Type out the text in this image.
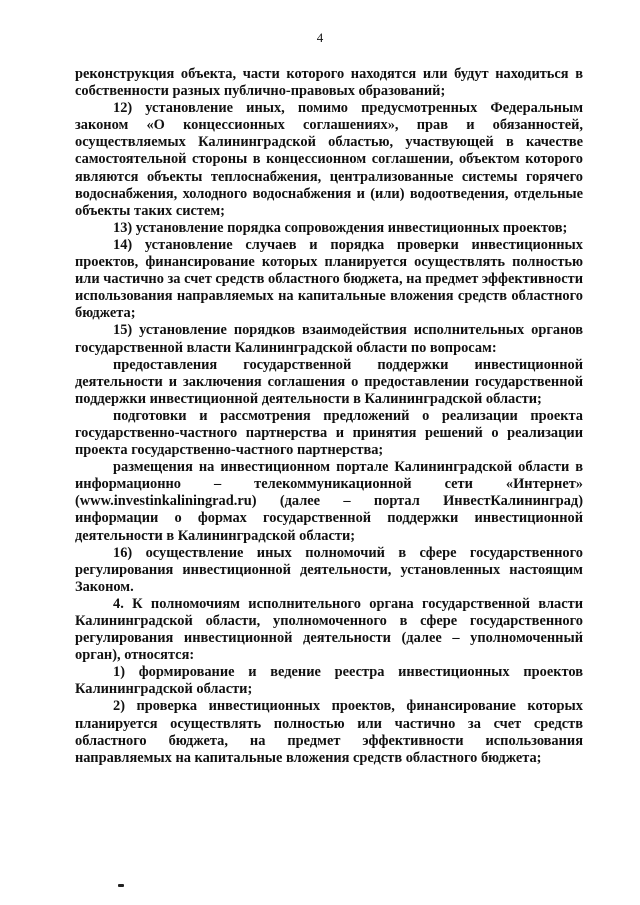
4

реконструкция объекта, части которого находятся или будут находиться в собственности разных публично-правовых образований;

12) установление иных, помимо предусмотренных Федеральным законом «О концессионных соглашениях», прав и обязанностей, осуществляемых Калининградской областью, участвующей в качестве самостоятельной стороны в концессионном соглашении, объектом которого являются объекты теплоснабжения, централизованные системы горячего водоснабжения, холодного водоснабжения и (или) водоотведения, отдельные объекты таких систем;

13) установление порядка сопровождения инвестиционных проектов;

14) установление случаев и порядка проверки инвестиционных проектов, финансирование которых планируется осуществлять полностью или частично за счет средств областного бюджета, на предмет эффективности использования направляемых на капитальные вложения средств областного бюджета;

15) установление порядков взаимодействия исполнительных органов государственной власти Калининградской области по вопросам:

предоставления государственной поддержки инвестиционной деятельности и заключения соглашения о предоставлении государственной поддержки инвестиционной деятельности в Калининградской области;

подготовки и рассмотрения предложений о реализации проекта государственно-частного партнерства и принятия решений о реализации проекта государственно-частного партнерства;

размещения на инвестиционном портале Калининградской области в информационно – телекоммуникационной сети «Интернет» (www.investinkaliningrad.ru) (далее – портал ИнвестКалининград) информации о формах государственной поддержки инвестиционной деятельности в Калининградской области;

16) осуществление иных полномочий в сфере государственного регулирования инвестиционной деятельности, установленных настоящим Законом.

4. К полномочиям исполнительного органа государственной власти Калининградской области, уполномоченного в сфере государственного регулирования инвестиционной деятельности (далее – уполномоченный орган), относятся:

1) формирование и ведение реестра инвестиционных проектов Калининградской области;

2) проверка инвестиционных проектов, финансирование которых планируется осуществлять полностью или частично за счет средств областного бюджета, на предмет эффективности использования направляемых на капитальные вложения средств областного бюджета;
